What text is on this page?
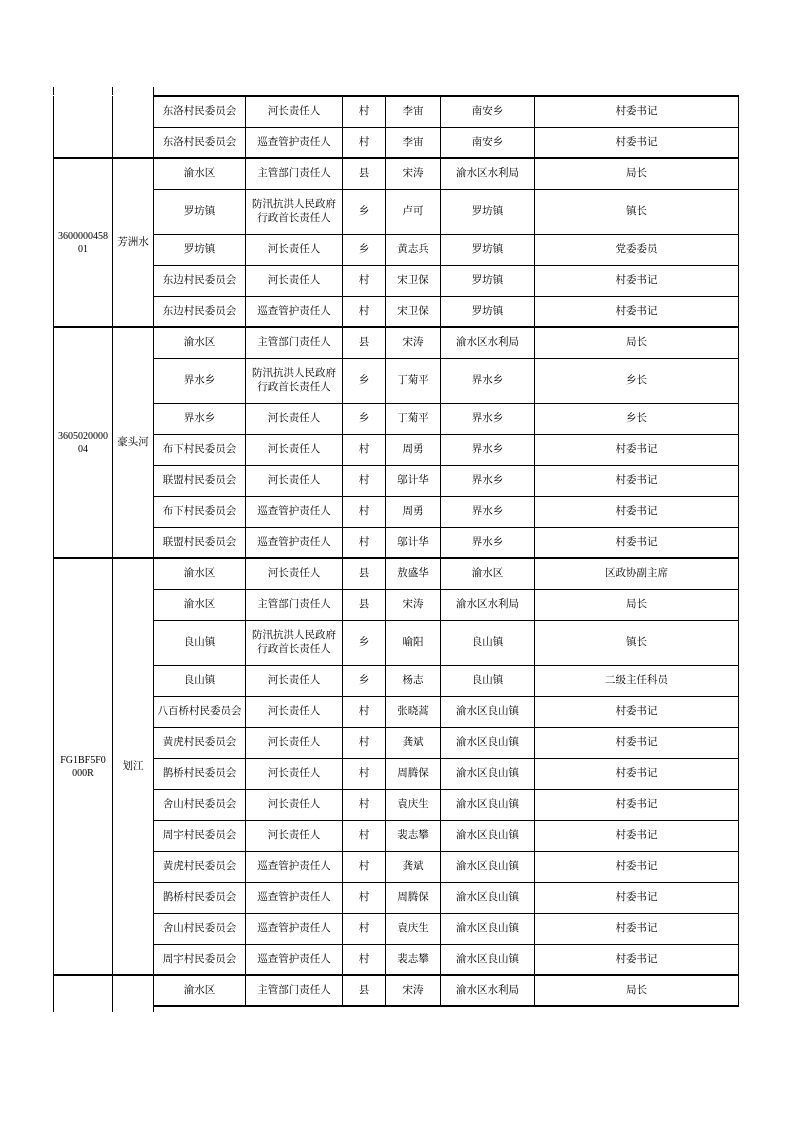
		东洛村民委员会	河长责任人	村	李宙	南安乡	村委书记
		东洛村民委员会	巡查管护责任人	村	李宙	南安乡	村委书记
360000045801	芳洲水	渝水区	主管部门责任人	县	宋涛	渝水区水利局	局长
		罗坊镇	防汛抗洪人民政府行政首长责任人	乡	卢可	罗坊镇	镇长
		罗坊镇	河长责任人	乡	黄志兵	罗坊镇	党委委员
		东边村民委员会	河长责任人	村	宋卫保	罗坊镇	村委书记
		东边村民委员会	巡查管护责任人	村	宋卫保	罗坊镇	村委书记
360502000004	豪头河	渝水区	主管部门责任人	县	宋涛	渝水区水利局	局长
		界水乡	防汛抗洪人民政府行政首长责任人	乡	丁菊平	界水乡	乡长
		界水乡	河长责任人	乡	丁菊平	界水乡	乡长
		布下村民委员会	河长责任人	村	周勇	界水乡	村委书记
		联盟村民委员会	河长责任人	村	邬计华	界水乡	村委书记
		布下村民委员会	巡查管护责任人	村	周勇	界水乡	村委书记
		联盟村民委员会	巡查管护责任人	村	邬计华	界水乡	村委书记
FG1BF5F0000R	划江	渝水区	河长责任人	县	敖盛华	渝水区	区政协副主席
		渝水区	主管部门责任人	县	宋涛	渝水区水利局	局长
		良山镇	防汛抗洪人民政府行政首长责任人	乡	喻阳	良山镇	镇长
		良山镇	河长责任人	乡	杨志	良山镇	二级主任科员
		八百桥村民委员会	河长责任人	村	张晓蒿	渝水区良山镇	村委书记
		黄虎村民委员会	河长责任人	村	龚斌	渝水区良山镇	村委书记
		鹊桥村民委员会	河长责任人	村	周腾保	渝水区良山镇	村委书记
		舍山村民委员会	河长责任人	村	袁庆生	渝水区良山镇	村委书记
		周宇村民委员会	河长责任人	村	裴志攀	渝水区良山镇	村委书记
		黄虎村民委员会	巡查管护责任人	村	龚斌	渝水区良山镇	村委书记
		鹊桥村民委员会	巡查管护责任人	村	周腾保	渝水区良山镇	村委书记
		舍山村民委员会	巡查管护责任人	村	袁庆生	渝水区良山镇	村委书记
		周宇村民委员会	巡查管护责任人	村	裴志攀	渝水区良山镇	村委书记
		渝水区	主管部门责任人	县	宋涛	渝水区水利局	局长
